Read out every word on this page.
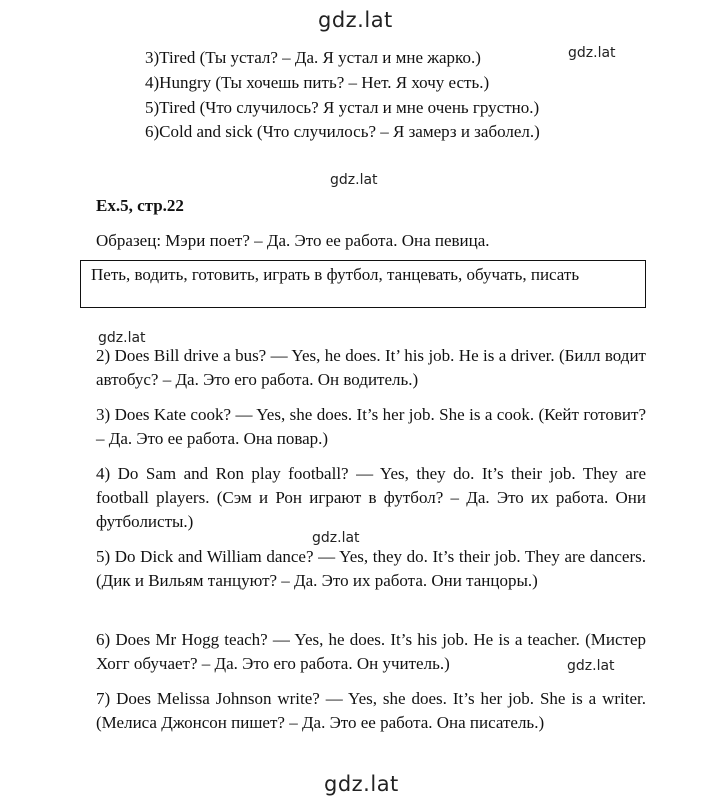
gdz.lat
gdz.lat
gdz.lat
gdz.lat
gdz.lat
gdz.lat
gdz.lat
3)Tired (Ты устал? – Да. Я устал и мне жарко.)
4)Hungry (Ты хочешь пить? – Нет. Я хочу есть.)
5)Tired (Что случилось? Я устал и мне очень грустно.)
6)Cold and sick (Что случилось? – Я замерз и заболел.)
Ex.5, стр.22
Образец: Мэри поет? – Да. Это ее работа. Она певица.
Петь, водить, готовить, играть в футбол, танцевать, обучать, писать
2) Does Bill drive a bus? — Yes, he does. It’ his job. He is a driver. (Билл водит автобус? – Да. Это его работа. Он водитель.)
3) Does Kate cook? — Yes, she does. It’s her job. She is a cook. (Кейт готовит? – Да. Это ее работа. Она повар.)
4) Do Sam and Ron play football? — Yes, they do. It’s their job. They are football players. (Сэм и Рон играют в футбол? – Да. Это их работа. Они футболисты.)
5) Do Dick and William dance? — Yes, they do. It’s their job. They are dancers. (Дик и Вильям танцуют? – Да. Это их работа. Они танцоры.)
6) Does Mr Hogg teach? — Yes, he does. It’s his job. He is a teacher. (Мистер Хогг обучает? – Да. Это его работа. Он учитель.)
7) Does Melissa Johnson write? — Yes, she does. It’s her job. She is a writer. (Мелиса Джонсон пишет? – Да. Это ее работа. Она писатель.)
